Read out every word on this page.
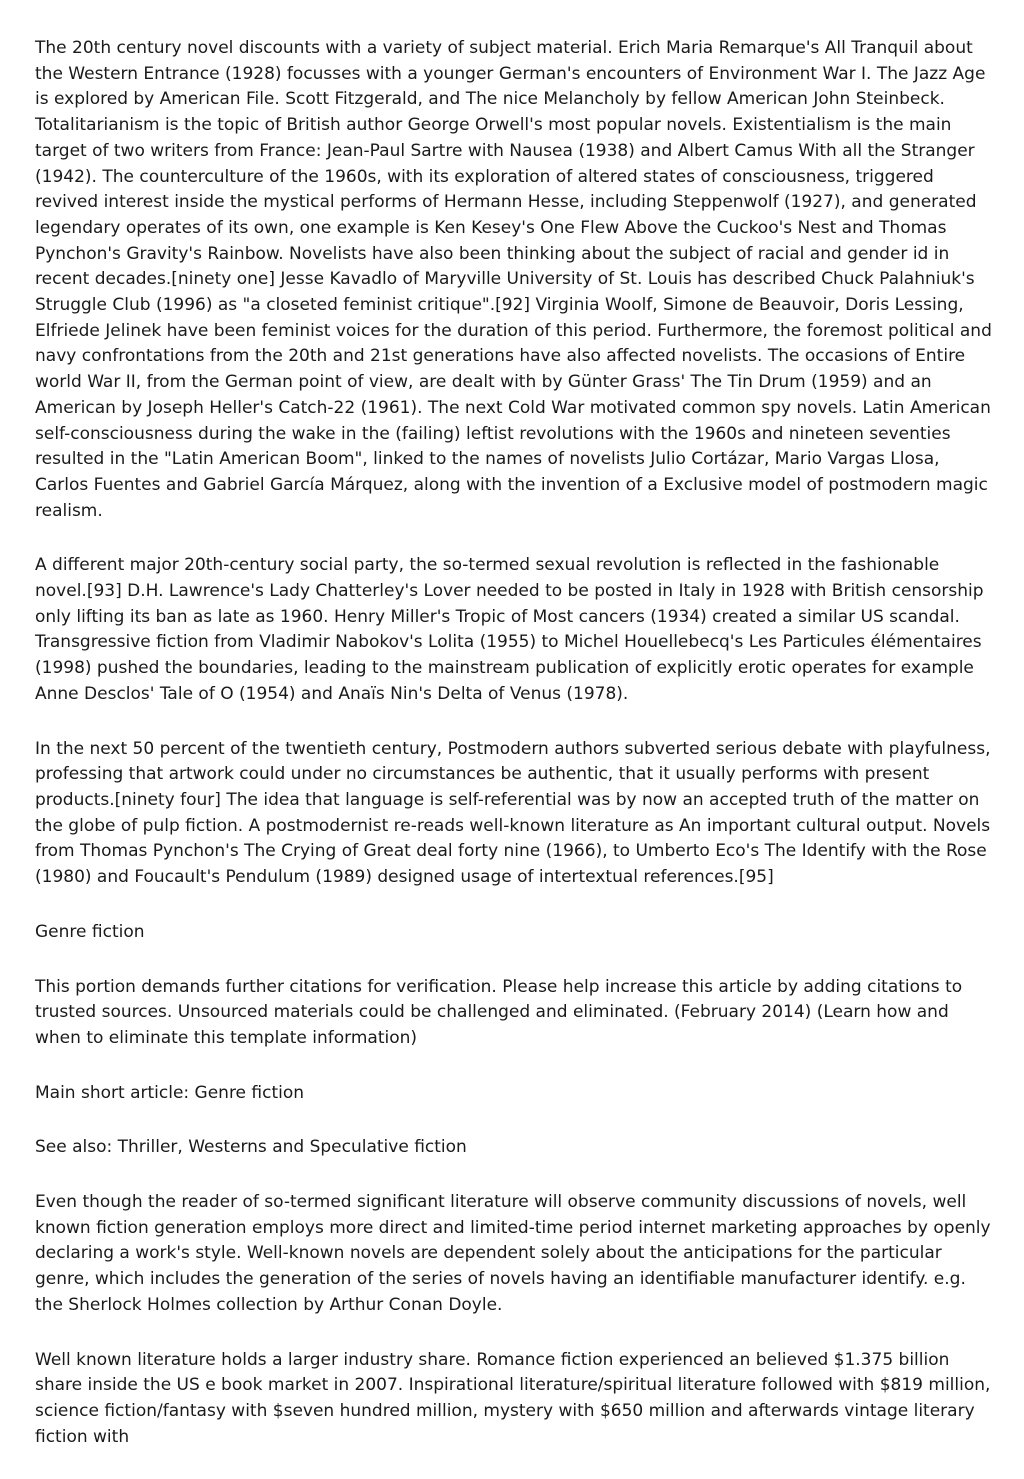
The 20th century novel discounts with a variety of subject material. Erich Maria Remarque's All Tranquil about the Western Entrance (1928) focusses with a younger German's encounters of Environment War I. The Jazz Age is explored by American File. Scott Fitzgerald, and The nice Melancholy by fellow American John Steinbeck. Totalitarianism is the topic of British author George Orwell's most popular novels. Existentialism is the main target of two writers from France: Jean-Paul Sartre with Nausea (1938) and Albert Camus With all the Stranger (1942). The counterculture of the 1960s, with its exploration of altered states of consciousness, triggered revived interest inside the mystical performs of Hermann Hesse, including Steppenwolf (1927), and generated legendary operates of its own, one example is Ken Kesey's One Flew Above the Cuckoo's Nest and Thomas Pynchon's Gravity's Rainbow. Novelists have also been thinking about the subject of racial and gender id in recent decades.[ninety one] Jesse Kavadlo of Maryville University of St. Louis has described Chuck Palahniuk's Struggle Club (1996) as "a closeted feminist critique".[92] Virginia Woolf, Simone de Beauvoir, Doris Lessing, Elfriede Jelinek have been feminist voices for the duration of this period. Furthermore, the foremost political and navy confrontations from the 20th and 21st generations have also affected novelists. The occasions of Entire world War II, from the German point of view, are dealt with by Günter Grass' The Tin Drum (1959) and an American by Joseph Heller's Catch-22 (1961). The next Cold War motivated common spy novels. Latin American self-consciousness during the wake in the (failing) leftist revolutions with the 1960s and nineteen seventies resulted in the "Latin American Boom", linked to the names of novelists Julio Cortázar, Mario Vargas Llosa, Carlos Fuentes and Gabriel García Márquez, along with the invention of a Exclusive model of postmodern magic realism.

A different major 20th-century social party, the so-termed sexual revolution is reflected in the fashionable novel.[93] D.H. Lawrence's Lady Chatterley's Lover needed to be posted in Italy in 1928 with British censorship only lifting its ban as late as 1960. Henry Miller's Tropic of Most cancers (1934) created a similar US scandal. Transgressive fiction from Vladimir Nabokov's Lolita (1955) to Michel Houellebecq's Les Particules élémentaires (1998) pushed the boundaries, leading to the mainstream publication of explicitly erotic operates for example Anne Desclos' Tale of O (1954) and Anaïs Nin's Delta of Venus (1978).

In the next 50 percent of the twentieth century, Postmodern authors subverted serious debate with playfulness, professing that artwork could under no circumstances be authentic, that it usually performs with present products.[ninety four] The idea that language is self-referential was by now an accepted truth of the matter on the globe of pulp fiction. A postmodernist re-reads well-known literature as An important cultural output. Novels from Thomas Pynchon's The Crying of Great deal forty nine (1966), to Umberto Eco's The Identify with the Rose (1980) and Foucault's Pendulum (1989) designed usage of intertextual references.[95]

Genre fiction

This portion demands further citations for verification. Please help increase this article by adding citations to trusted sources. Unsourced materials could be challenged and eliminated. (February 2014) (Learn how and when to eliminate this template information)

Main short article: Genre fiction

See also: Thriller, Westerns and Speculative fiction

Even though the reader of so-termed significant literature will observe community discussions of novels, well known fiction generation employs more direct and limited-time period internet marketing approaches by openly declaring a work's style. Well-known novels are dependent solely about the anticipations for the particular genre, which includes the generation of the series of novels having an identifiable manufacturer identify. e.g. the Sherlock Holmes collection by Arthur Conan Doyle.

Well known literature holds a larger industry share. Romance fiction experienced an believed $1.375 billion share inside the US e book market in 2007. Inspirational literature/spiritual literature followed with $819 million, science fiction/fantasy with $seven hundred million, mystery with $650 million and afterwards vintage literary fiction with
